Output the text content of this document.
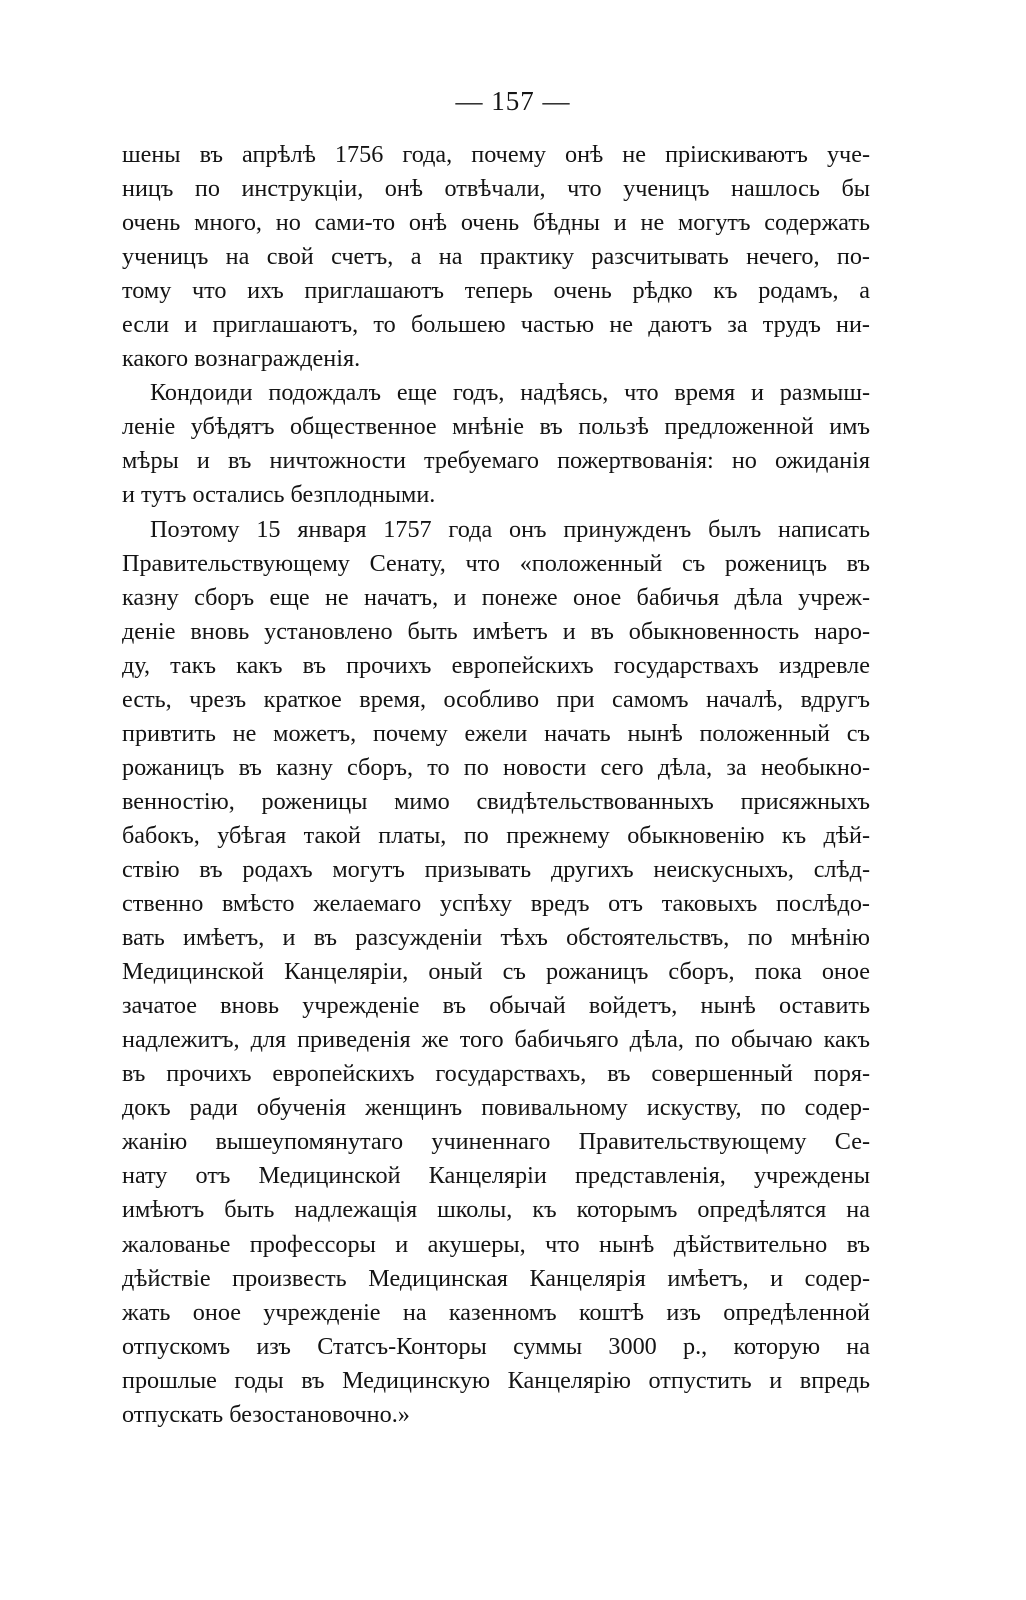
— 157 —
шены въ апрѣлѣ 1756 года, почему онѣ не пріискиваютъ уче-
ницъ по инструкціи, онѣ отвѣчали, что ученицъ нашлось бы
очень много, но сами-то онѣ очень бѣдны и не могутъ содержать
ученицъ на свой счетъ, а на практику разсчитывать нечего, по-
тому что ихъ приглашаютъ теперь очень рѣдко къ родамъ, а
если и приглашаютъ, то большею частью не даютъ за трудъ ни-
какого вознагражденія.
Кондоиди подождалъ еще годъ, надѣясь, что время и размыш-
леніе убѣдятъ общественное мнѣніе въ пользѣ предложенной имъ
мѣры и въ ничтожности требуемаго пожертвованія: но ожиданія
и тутъ остались безплодными.
Поэтому 15 января 1757 года онъ принужденъ былъ написать
Правительствующему Сенату, что «положенный съ роженицъ въ
казну сборъ еще не начатъ, и понеже оное бабичья дѣла учреж-
деніе вновь установлено быть имѣетъ и въ обыкновенность наро-
ду, такъ какъ въ прочихъ европейскихъ государствахъ издревле
есть, чрезъ краткое время, особливо при самомъ началѣ, вдругъ
привтить не можетъ, почему ежели начать нынѣ положенный съ
рожаницъ въ казну сборъ, то по новости сего дѣла, за необыкно-
венностію, роженицы мимо свидѣтельствованныхъ присяжныхъ
бабокъ, убѣгая такой платы, по прежнему обыкновенію къ дѣй-
ствію въ родахъ могутъ призывать другихъ неискусныхъ, слѣд-
ственно вмѣсто желаемаго успѣху вредъ отъ таковыхъ послѣдо-
вать имѣетъ, и въ разсужденіи тѣхъ обстоятельствъ, по мнѣнію
Медицинской Канцеляріи, оный съ рожаницъ сборъ, пока оное
зачатое вновь учрежденіе въ обычай войдетъ, нынѣ оставить
надлежитъ, для приведенія же того бабичьяго дѣла, по обычаю какъ
въ прочихъ европейскихъ государствахъ, въ совершенный поря-
докъ ради обученія женщинъ повивальному искуству, по содер-
жанію вышеупомянутаго учиненнаго Правительствующему Се-
нату отъ Медицинской Канцеляріи представленія, учреждены
имѣютъ быть надлежащія школы, къ которымъ опредѣлятся на
жалованье профессоры и акушеры, что нынѣ дѣйствительно въ
дѣйствіе произвесть Медицинская Канцелярія имѣетъ, и содер-
жать оное учрежденіе на казенномъ коштѣ изъ опредѣленной
отпускомъ изъ Статсъ-Конторы суммы 3000 р., которую на
прошлые годы въ Медицинскую Канцелярію отпустить и впредь
отпускать безостановочно.»
